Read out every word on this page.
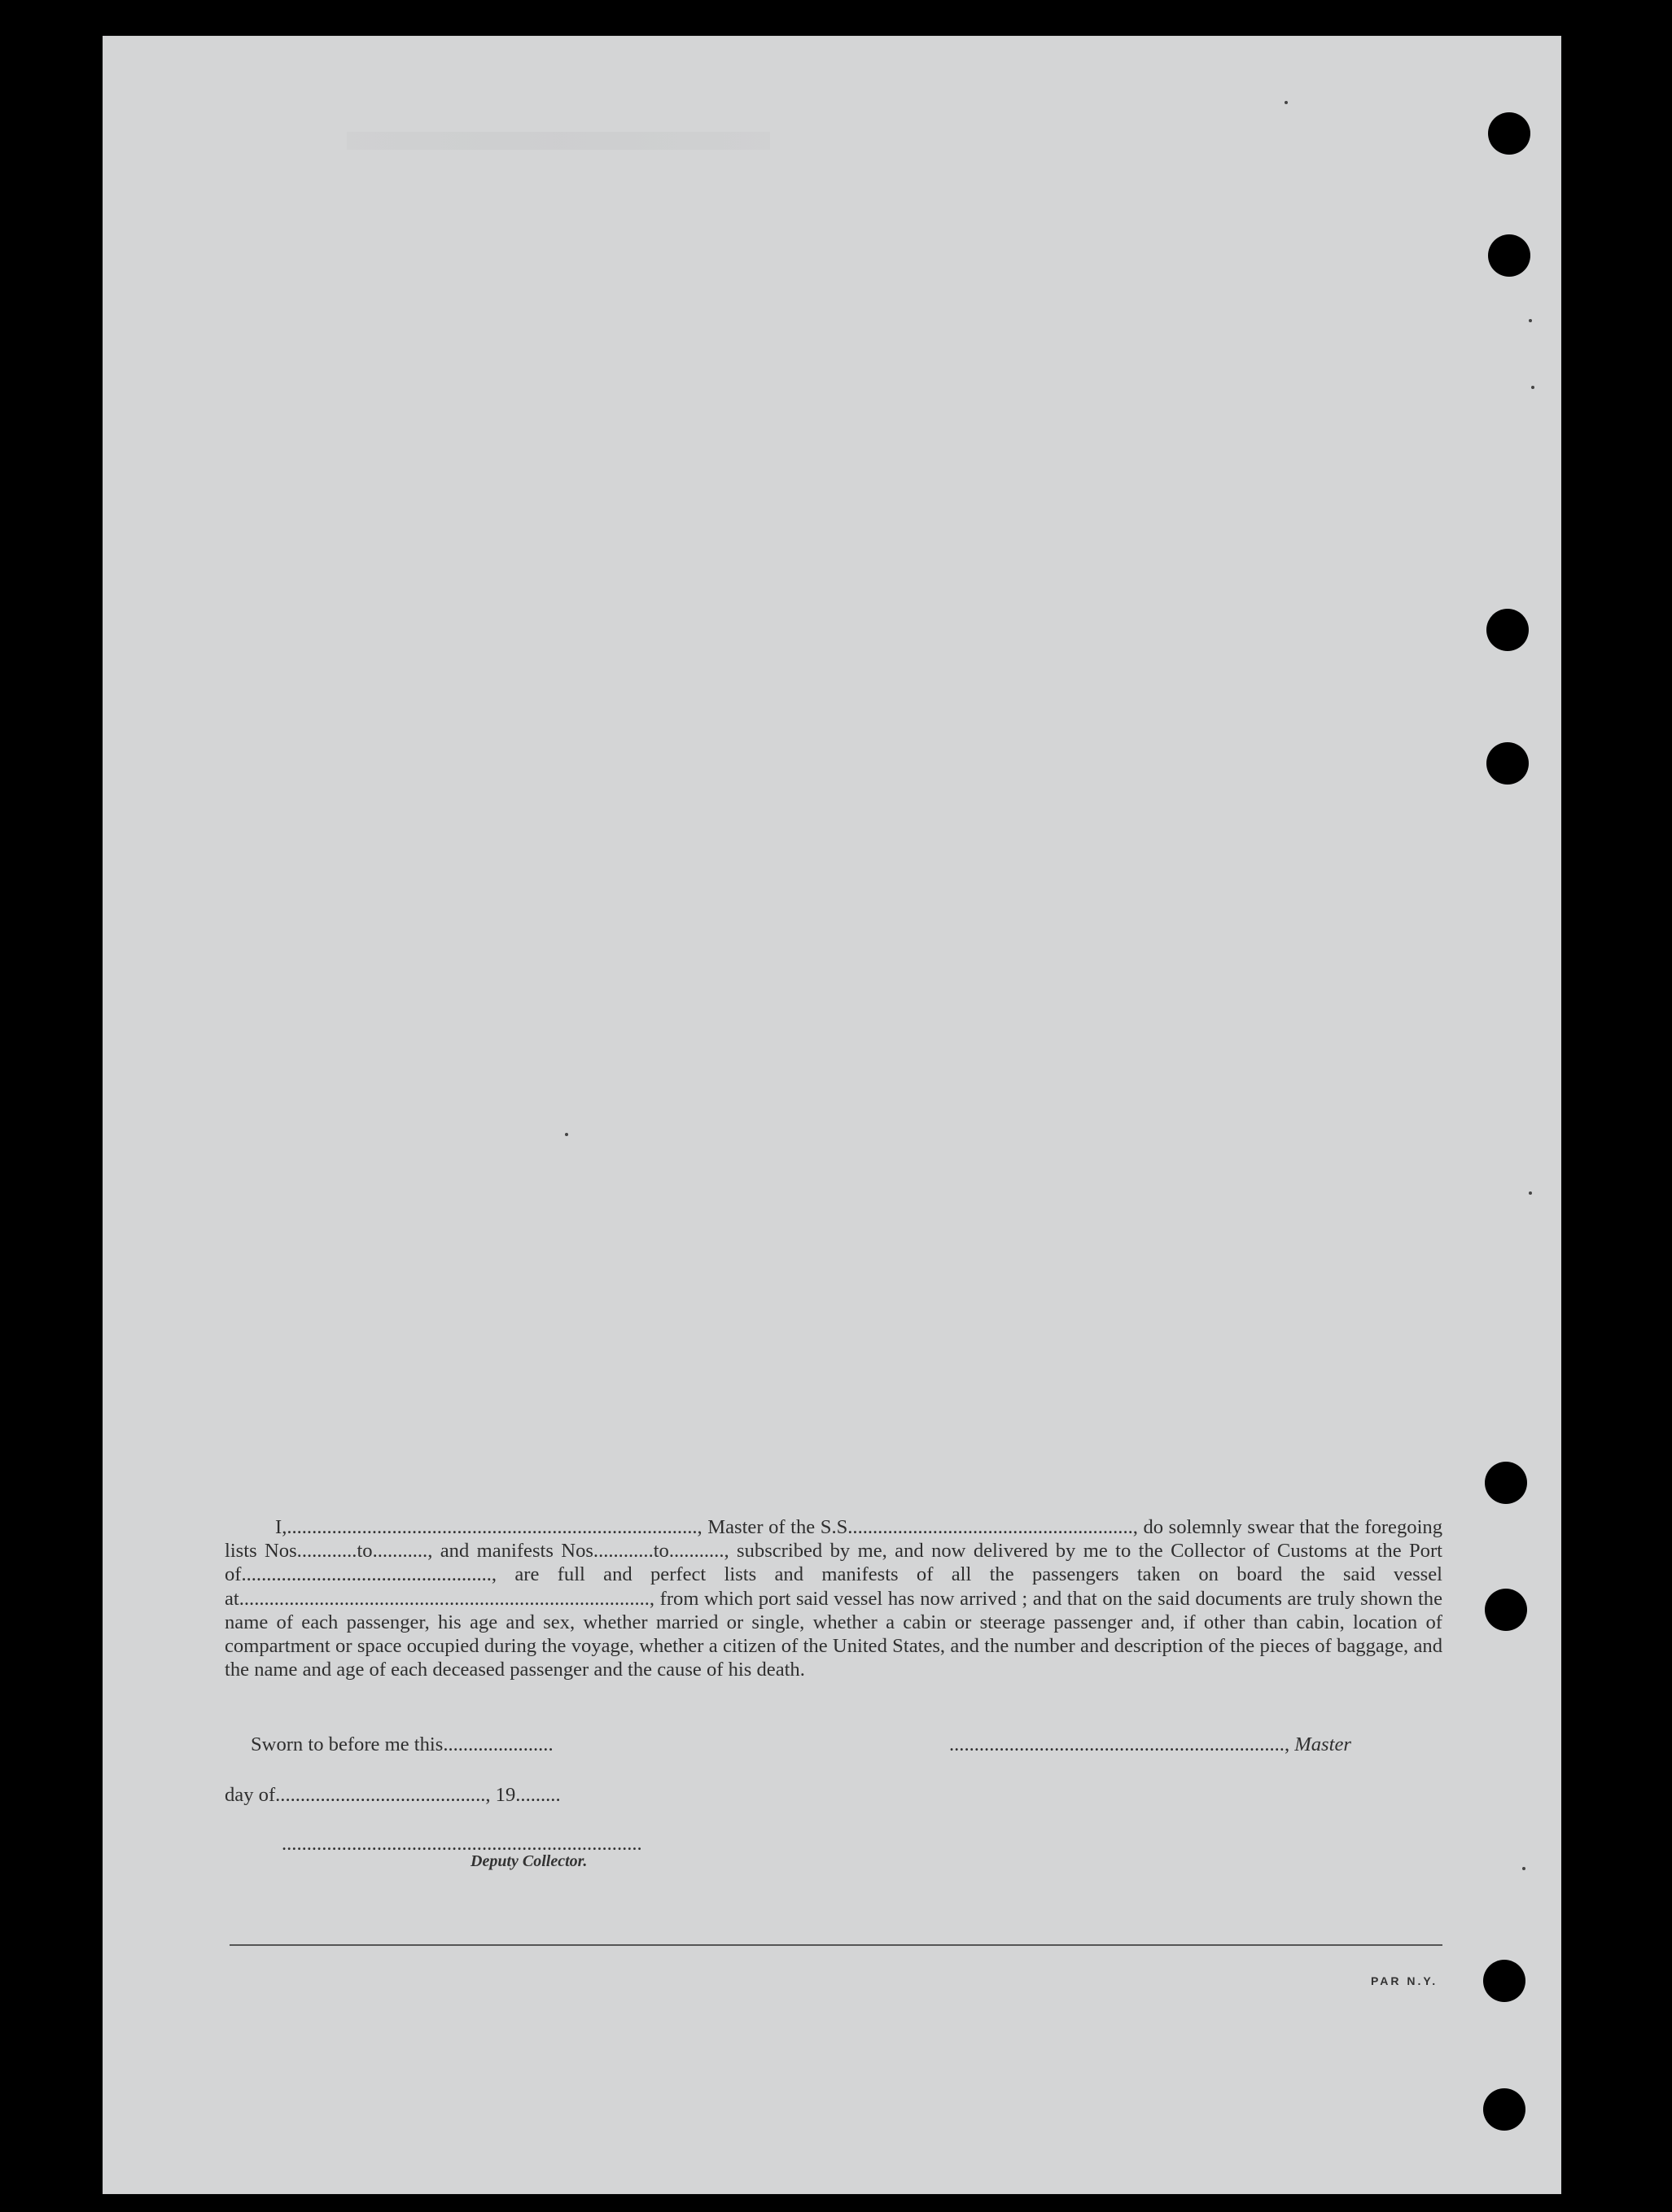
I,.................................................................................., Master of the S.S........................................................., do solemnly swear that the foregoing lists Nos............to..........., and manifests Nos............to..........., subscribed by me, and now delivered by me to the Collector of Customs at the Port of.................................................., are full and perfect lists and manifests of all the passengers taken on board the said vessel at.................................................................................., from which port said vessel has now arrived ; and that on the said documents are truly shown the name of each passenger, his age and sex, whether married or single, whether a cabin or steerage passenger and, if other than cabin, location of compartment or space occupied during the voyage, whether a citizen of the United States, and the number and description of the pieces of baggage, and the name and age of each deceased passenger and the cause of his death.

Sworn to before me this......................	..................................................................., Master
day of.........................................., 19.........
........................................................................
Deputy Collector.
PAR N.Y.
